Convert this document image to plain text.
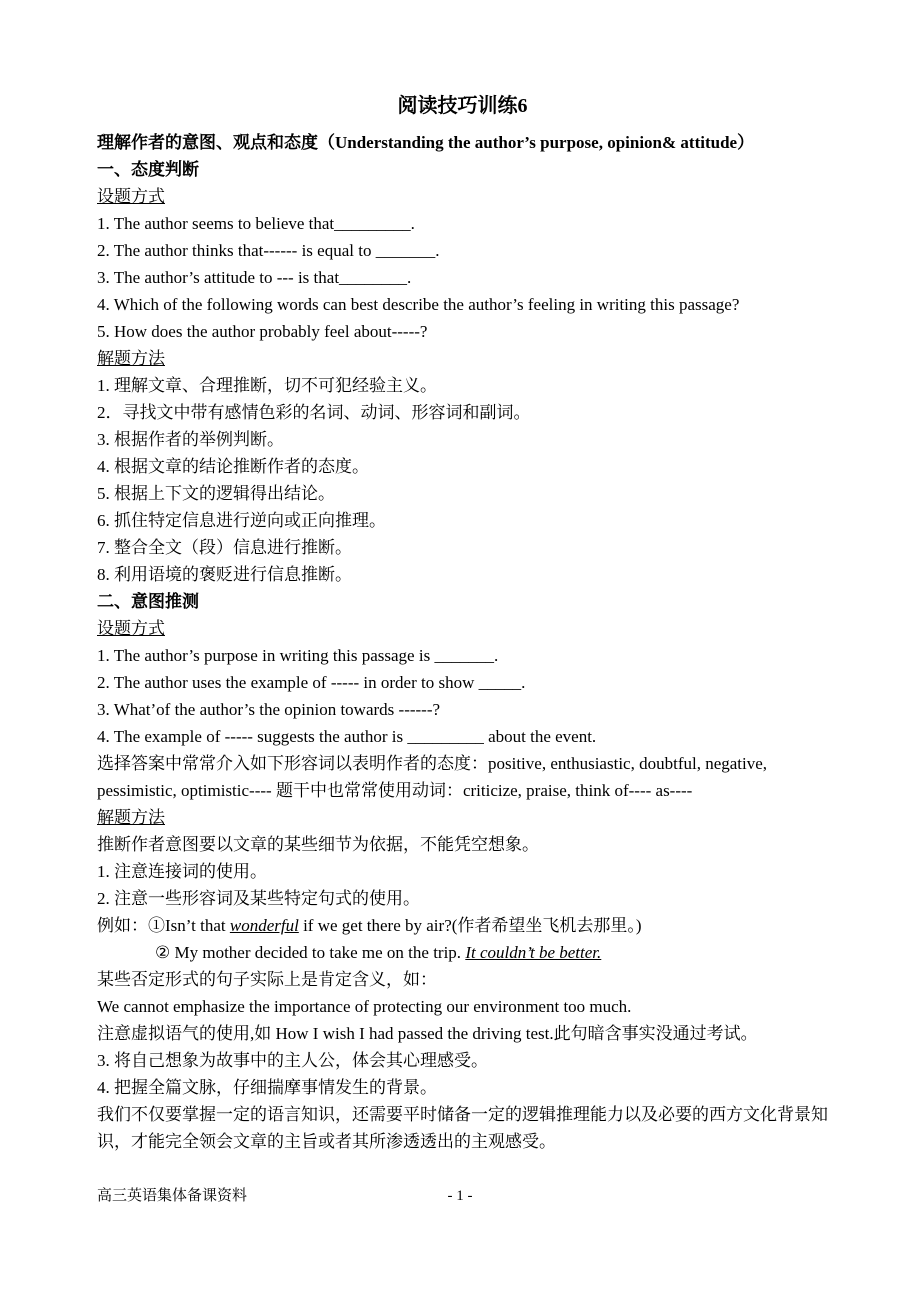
阅读技巧训练6

理解作者的意图、观点和态度（Understanding the author’s purpose, opinion& attitude）

一、态度判断

设题方式

1. The author seems to believe that_________.

2. The author thinks that------ is equal to _______.

3. The author’s attitude to --- is that________.

4. Which of the following words can best describe the author’s feeling in writing this passage?

5. How does the author probably feel about-----?

解题方法

1. 理解文章、合理推断，切不可犯经验主义。

2．寻找文中带有感情色彩的名词、动词、形容词和副词。

3. 根据作者的举例判断。

4. 根据文章的结论推断作者的态度。

5. 根据上下文的逻辑得出结论。

6. 抓住特定信息进行逆向或正向推理。

7. 整合全文（段）信息进行推断。

8. 利用语境的褒贬进行信息推断。

二、意图推测

设题方式

1. The author’s purpose in writing this passage is _______.

2. The author uses the example of ----- in order to show _____.

3. What’of the author’s the opinion towards ------?

4. The example of ----- suggests the author is _________ about the event.

选择答案中常常介入如下形容词以表明作者的态度：positive, enthusiastic, doubtful, negative, pessimistic, optimistic---- 题干中也常常使用动词：criticize, praise, think of---- as----

解题方法

推断作者意图要以文章的某些细节为依据，不能凭空想象。

1. 注意连接词的使用。

2. 注意一些形容词及某些特定句式的使用。

例如：①Isn’t that wonderful if we get there by air?(作者希望坐飞机去那里。)

② My mother decided to take me on the trip. It couldn’t be better.

某些否定形式的句子实际上是肯定含义，如：

We cannot emphasize the importance of protecting our environment too much.

注意虚拟语气的使用,如 How I wish I had passed the driving test.此句暗含事实没通过考试。

3. 将自己想象为故事中的主人公，体会其心理感受。

4. 把握全篇文脉，仔细揣摩事情发生的背景。

我们不仅要掌握一定的语言知识，还需要平时储备一定的逻辑推理能力以及必要的西方文化背景知识，才能完全领会文章的主旨或者其所渗透透出的主观感受。

- 1 -
高三英语集体备课资料
